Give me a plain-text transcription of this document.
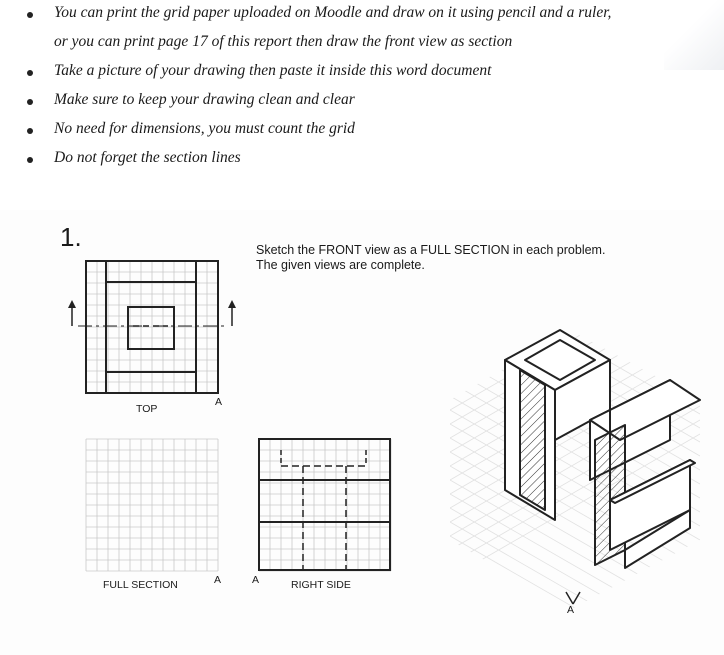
You can print the grid paper uploaded on Moodle and draw on it using pencil and a ruler,
or you can print page 17 of this report then draw the front view as section
Take a picture of your drawing then paste it inside this word document
Make sure to keep your drawing clean and clear
No need for dimensions, you must count the grid
Do not forget the section lines
1.	Sketch the FRONT view as a FULL SECTION in each problem.
The given views are complete.
TOP
A
FULL SECTION	A	A	RIGHT SIDE
A
